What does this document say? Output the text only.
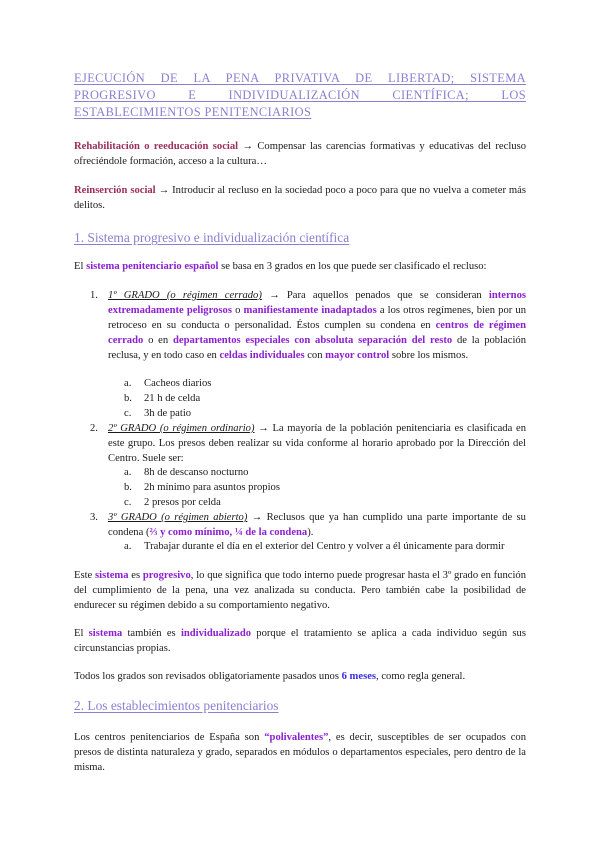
EJECUCIÓN DE LA PENA PRIVATIVA DE LIBERTAD; SISTEMA
PROGRESIVO E INDIVIDUALIZACIÓN CIENTÍFICA; LOS
ESTABLECIMIENTOS PENITENCIARIOS
Rehabilitación o reeducación social → Compensar las carencias formativas y educativas del recluso ofreciéndole formación, acceso a la cultura…
Reinserción social → Introducir al recluso en la sociedad poco a poco para que no vuelva a cometer más delitos.
1. Sistema progresivo e individualización científica
El sistema penitenciario español se basa en 3 grados en los que puede ser clasificado el recluso:
1. 1º GRADO (o régimen cerrado) → Para aquellos penados que se consideran internos extremadamente peligrosos o manifiestamente inadaptados a los otros regímenes, bien por un retroceso en su conducta o personalidad. Éstos cumplen su condena en centros de régimen cerrado o en departamentos especiales con absoluta separación del resto de la población reclusa, y en todo caso en celdas individuales con mayor control sobre los mismos.
a. Cacheos diarios
b. 21 h de celda
c. 3h de patio
2. 2º GRADO (o régimen ordinario) → La mayoría de la población penitenciaria es clasificada en este grupo. Los presos deben realizar su vida conforme al horario aprobado por la Dirección del Centro. Suele ser:
a. 8h de descanso nocturno
b. 2h mínimo para asuntos propios
c. 2 presos por celda
3. 3º GRADO (o régimen abierto) → Reclusos que ya han cumplido una parte importante de su condena (⅔ y como mínimo, ¼ de la condena).
a. Trabajar durante el día en el exterior del Centro y volver a él únicamente para dormir
Este sistema es progresivo, lo que significa que todo interno puede progresar hasta el 3º grado en función del cumplimiento de la pena, una vez analizada su conducta. Pero también cabe la posibilidad de endurecer su régimen debido a su comportamiento negativo.
El sistema también es individualizado porque el tratamiento se aplica a cada individuo según sus circunstancias propias.
Todos los grados son revisados obligatoriamente pasados unos 6 meses, como regla general.
2. Los establecimientos penitenciarios
Los centros penitenciarios de España son “polivalentes”, es decir, susceptibles de ser ocupados con presos de distinta naturaleza y grado, separados en módulos o departamentos especiales, pero dentro de la misma.
